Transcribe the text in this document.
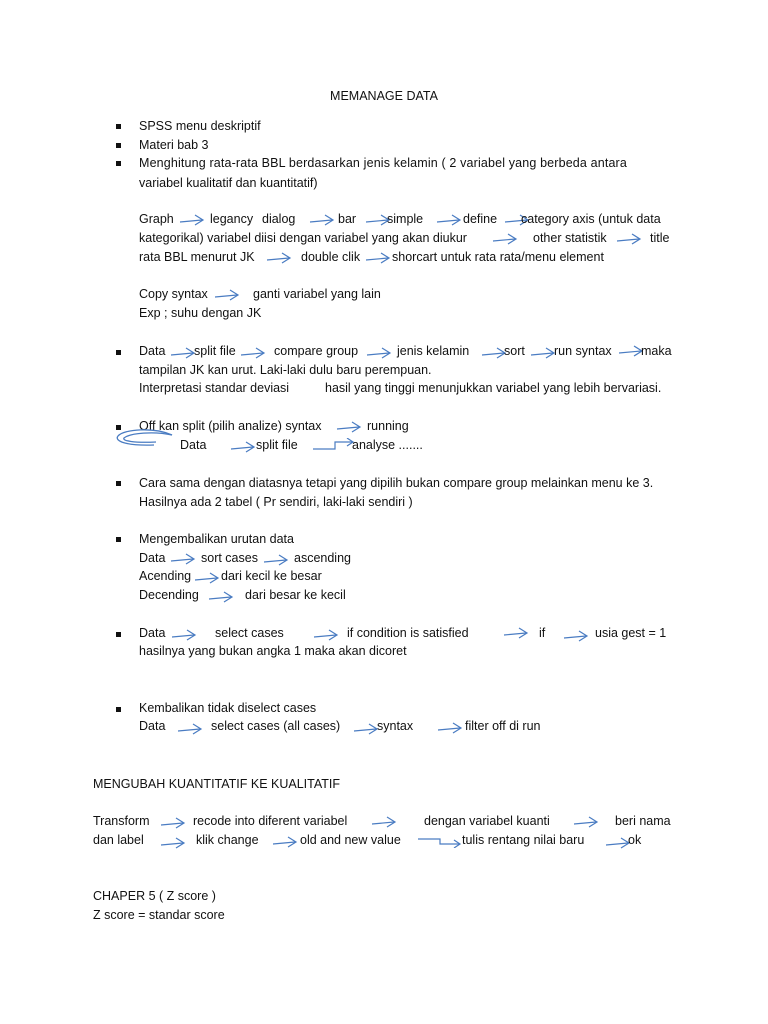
MEMANAGE DATA
SPSS menu deskriptif
Materi bab 3
Menghitung rata-rata BBL berdasarkan jenis kelamin ( 2 variabel yang berbeda antara
variabel kualitatif dan kuantitatif)
Graph	legancy dialog	bar simple	define category axis (untuk data
kategorikal) variabel diisi dengan variabel yang akan diukur	other statistik	title
rata BBL menurut JK	double clik	shorcart untuk rata rata/menu element
Copy syntax	ganti variabel yang lain
Exp ; suhu dengan JK
Data split file	compare group	jenis kelamin	sort run syntax maka
tampilan JK kan urut. Laki-laki dulu baru perempuan.
Interpretasi standar deviasi	hasil yang tinggi menunjukkan variabel yang lebih bervariasi.
Off kan split (pilih analize) syntax	running
Data	split file	analyse .......
Cara sama dengan diatasnya tetapi yang dipilih bukan compare group melainkan menu ke 3.
Hasilnya ada 2 tabel ( Pr sendiri, laki-laki sendiri )
Mengembalikan urutan data
Data	sort cases	ascending
Acending dari kecil ke besar
Decending	dari besar ke kecil
Data	select cases	if condition is satisfied	if	usia gest = 1
hasilnya yang bukan angka 1 maka akan dicoret
Kembalikan tidak diselect cases
Data	select cases (all cases)	syntax	filter off di run
MENGUBAH KUANTITATIF KE KUALITATIF
Transform	recode into diferent variabel	dengan variabel kuanti	beri nama
dan label	klik change	old and new value	tulis rentang nilai baru	ok
CHAPER 5 ( Z score )
Z score = standar score
